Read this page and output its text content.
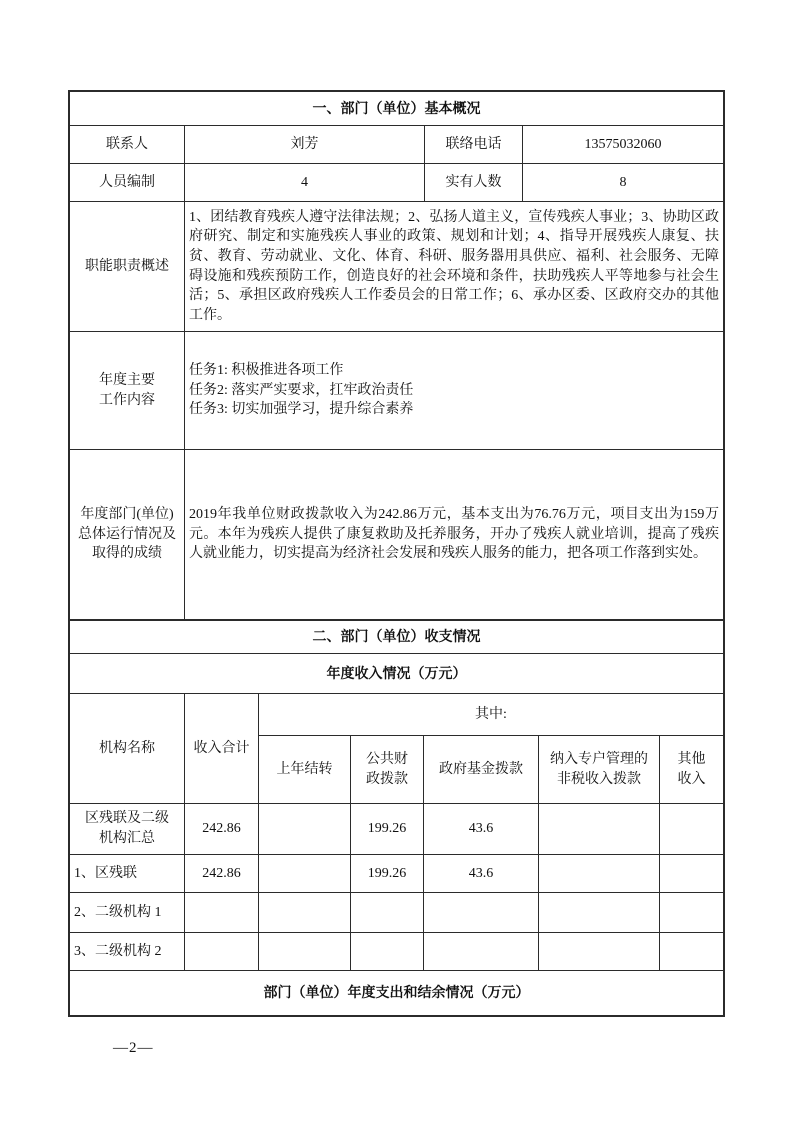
一、部门（单位）基本概况			
联系人	刘芳	联络电话	13575032060
人员编制	4	实有人数	8
职能职责概述	1、团结教育残疾人遵守法律法规；2、弘扬人道主义，宣传残疾人事业；3、协助区政府研究、制定和实施残疾人事业的政策、规划和计划；4、指导开展残疾人康复、扶贫、教育、劳动就业、文化、体育、科研、服务器用具供应、福利、社会服务、无障碍设施和残疾预防工作，创造良好的社会环境和条件，扶助残疾人平等地参与社会生活；5、承担区政府残疾人工作委员会的日常工作；6、承办区委、区政府交办的其他工作。		
年度主要工作内容	任务1: 积极推进各项工作
任务2: 落实严实要求，扛牢政治责任
任务3: 切实加强学习，提升综合素养		

年度部门(单位)总体运行情况及取得的成绩	2019年我单位财政拨款收入为242.86万元，基本支出为76.76万元，项目支出为159万元。本年为残疾人提供了康复救助及托养服务，开办了残疾人就业培训，提高了残疾人就业能力，切实提高为经济社会发展和残疾人服务的能力，把各项工作落到实处。		
二、部门（单位）收支情况						
年度收入情况（万元）						
机构名称	收入合计	其中:				
		上年结转	公共财政拨款	政府基金拨款	纳入专户管理的非税收入拨款	其他收入
区残联及二级机构汇总	242.86		199.26	43.6		
1、区残联	242.86		199.26	43.6		
2、二级机构 1						
3、二级机构 2						
部门（单位）年度支出和结余情况（万元）						
—2—
